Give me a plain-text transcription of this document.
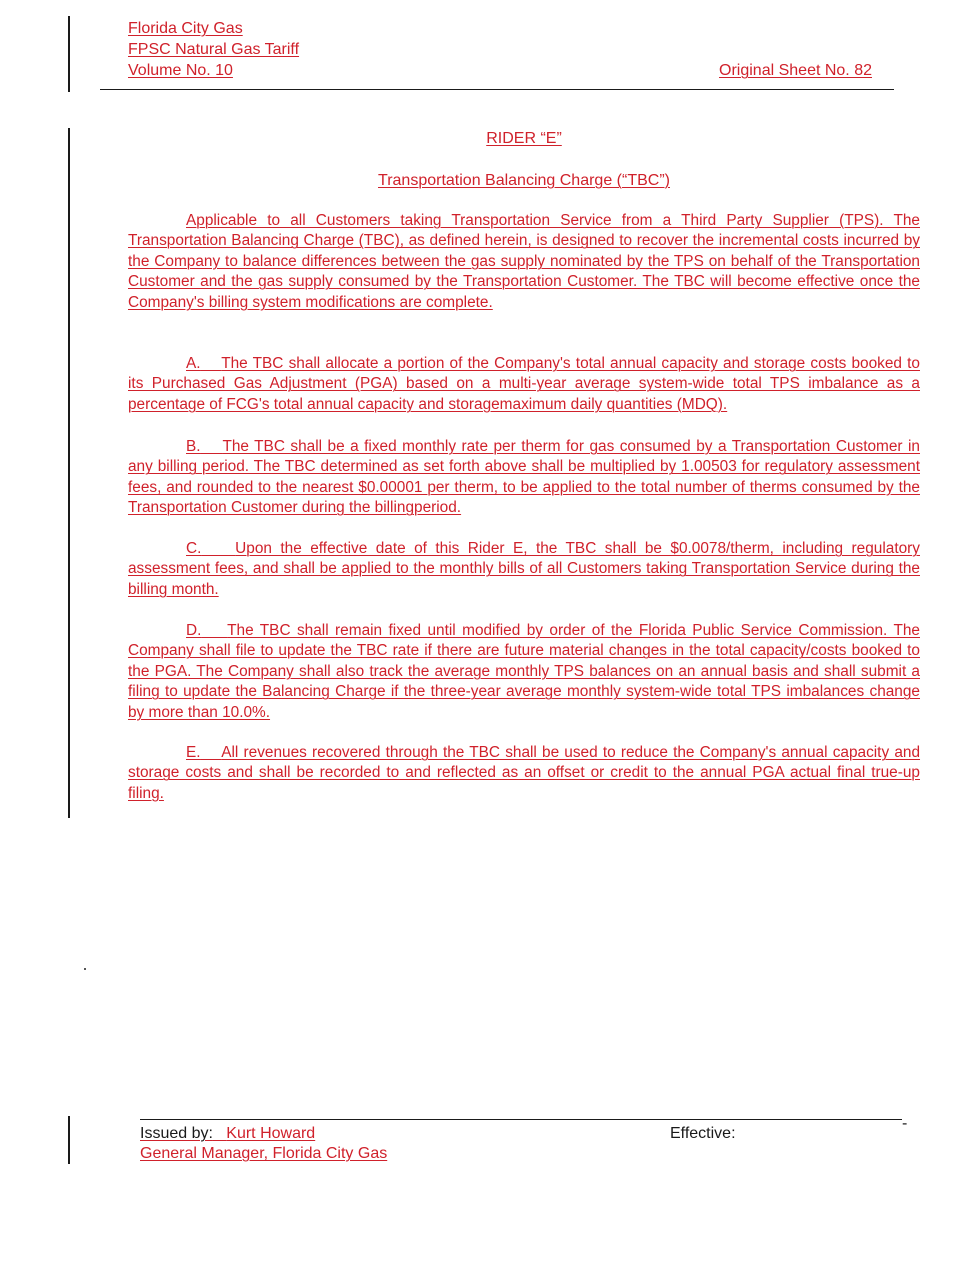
Florida City Gas
FPSC Natural Gas Tariff
Volume No. 10	Original Sheet No. 82
RIDER “E”
Transportation Balancing Charge (“TBC”)

Applicable to all Customers taking Transportation Service from a Third Party Supplier (TPS). The Transportation Balancing Charge (TBC), as defined herein, is designed to recover the incremental costs incurred by the Company to balance differences between the gas supply nominated by the TPS on behalf of the Transportation Customer and the gas supply consumed by the Transportation Customer. The TBC will become effective once the Company's billing system modifications are complete.

A. The TBC shall allocate a portion of the Company's total annual capacity and storage costs booked to its Purchased Gas Adjustment (PGA) based on a multi-year average system-wide total TPS imbalance as a percentage of FCG's total annual capacity and storagemaximum daily quantities (MDQ).

B. The TBC shall be a fixed monthly rate per therm for gas consumed by a Transportation Customer in any billing period. The TBC determined as set forth above shall be multiplied by 1.00503 for regulatory assessment fees, and rounded to the nearest $0.00001 per therm, to be applied to the total number of therms consumed by the Transportation Customer during the billingperiod.

C. Upon the effective date of this Rider E, the TBC shall be $0.0078/therm, including regulatory assessment fees, and shall be applied to the monthly bills of all Customers taking Transportation Service during the billing month.

D. The TBC shall remain fixed until modified by order of the Florida Public Service Commission. The Company shall file to update the TBC rate if there are future material changes in the total capacity/costs booked to the PGA. The Company shall also track the average monthly TPS balances on an annual basis and shall submit a filing to update the Balancing Charge if the three-year average monthly system-wide total TPS imbalances change by more than 10.0%.

E. All revenues recovered through the TBC shall be used to reduce the Company's annual capacity and storage costs and shall be recorded to and reflected as an offset or credit to the annual PGA actual final true-up filing.

Issued by: Kurt Howard
General Manager, Florida City Gas
Effective:
-
